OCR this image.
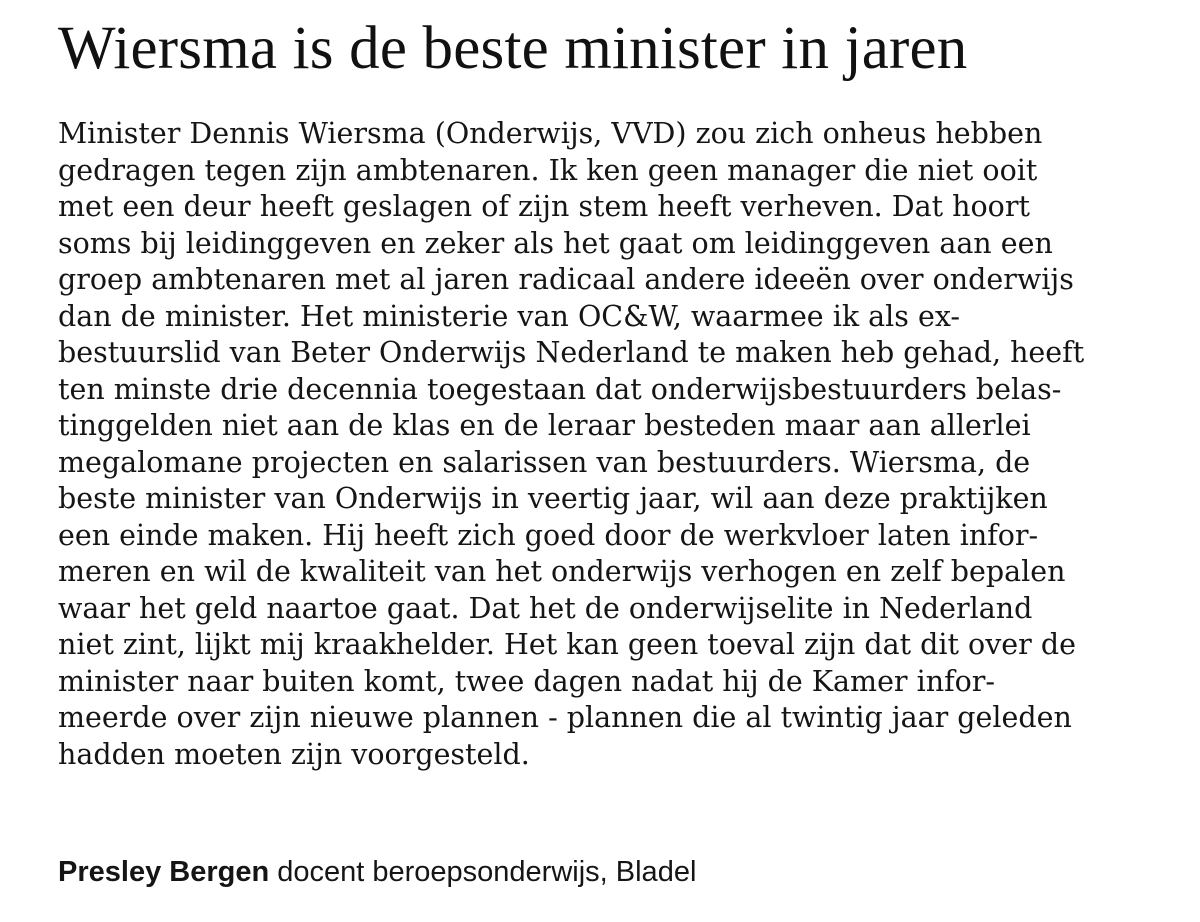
Wiersma is de beste minister in jaren
Minister Dennis Wiersma (Onderwijs, VVD) zou zich onheus hebben
gedragen tegen zijn ambtenaren. Ik ken geen manager die niet ooit
met een deur heeft geslagen of zijn stem heeft verheven. Dat hoort
soms bij leidinggeven en zeker als het gaat om leidinggeven aan een
groep ambtenaren met al jaren radicaal andere ideeën over onderwijs
dan de minister. Het ministerie van OC&W, waarmee ik als ex-
bestuurslid van Beter Onderwijs Nederland te maken heb gehad, heeft
ten minste drie decennia toegestaan dat onderwijsbestuurders belas-
tinggelden niet aan de klas en de leraar besteden maar aan allerlei
megalomane projecten en salarissen van bestuurders. Wiersma, de
beste minister van Onderwijs in veertig jaar, wil aan deze praktijken
een einde maken. Hij heeft zich goed door de werkvloer laten infor-
meren en wil de kwaliteit van het onderwijs verhogen en zelf bepalen
waar het geld naartoe gaat. Dat het de onderwijselite in Nederland
niet zint, lijkt mij kraakhelder. Het kan geen toeval zijn dat dit over de
minister naar buiten komt, twee dagen nadat hij de Kamer infor-
meerde over zijn nieuwe plannen - plannen die al twintig jaar geleden
hadden moeten zijn voorgesteld.
Presley Bergen docent beroepsonderwijs, Bladel
